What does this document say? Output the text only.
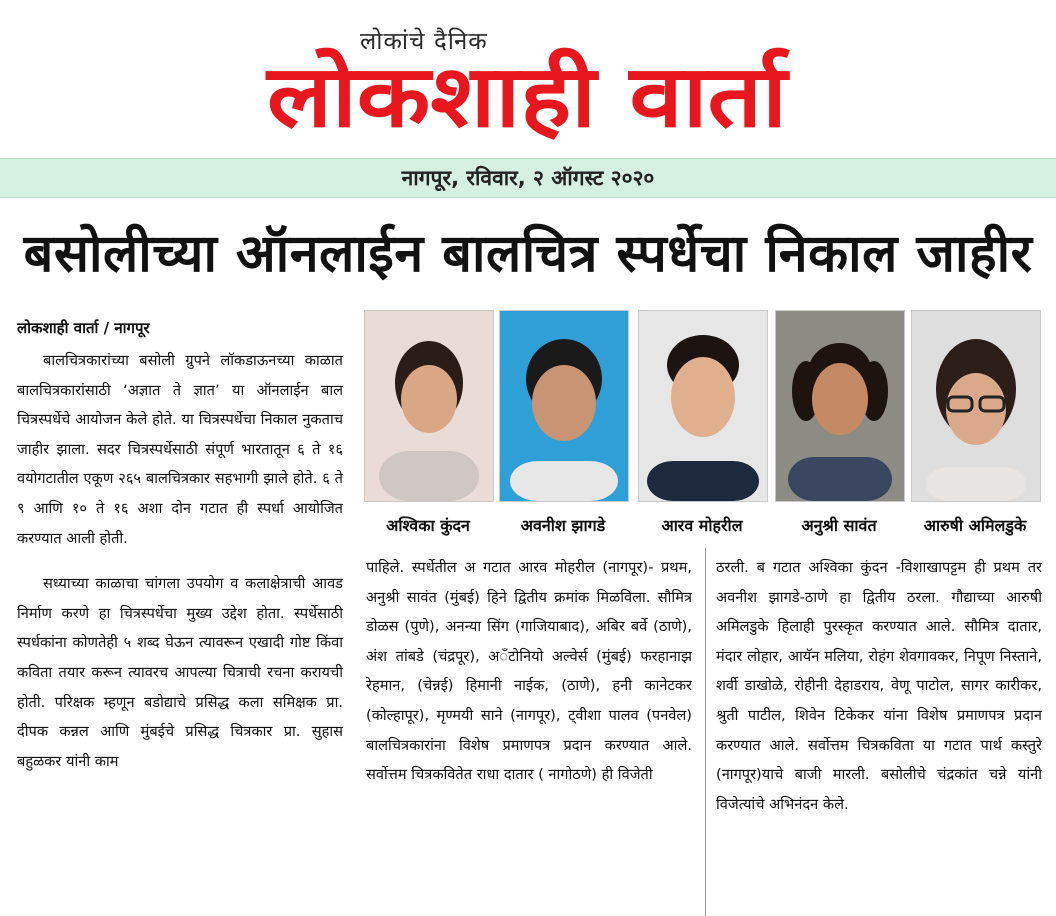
लोकांचे दैनिक
लोकशाही वार्ता
नागपूर, रविवार, २ ऑगस्ट २०२०
बसोलीच्या ऑनलाईन बालचित्र स्पर्धेचा निकाल जाहीर
लोकशाही वार्ता / नागपूर

बालचित्रकारांच्या बसोली ग्रुपने लॉकडाऊनच्या काळात बालचित्रकारांसाठी ‘अज्ञात ते ज्ञात’ या ऑनलाईन बाल चित्रस्पर्धेचे आयोजन केले होते. या चित्रस्पर्धेचा निकाल नुकताच जाहीर झाला. सदर चित्रस्पर्धेसाठी संपूर्ण भारतातून ६ ते १६ वयोगटातील एकूण २६५ बालचित्रकार सहभागी झाले होते. ६ ते ९ आणि १० ते १६ अशा दोन गटात ही स्पर्धा आयोजित करण्यात आली होती.

सध्याच्या काळाचा चांगला उपयोग व कलाक्षेत्राची आवड निर्माण करणे हा चित्रस्पर्धेचा मुख्य उद्देश होता. स्पर्धेसाठी स्पर्धकांना कोणतेही ५ शब्द घेऊन त्यावरून एखादी गोष्ट किंवा कविता तयार करून त्यावरच आपल्या चित्राची रचना करायची होती. परिक्षक म्हणून बडोद्याचे प्रसिद्ध कला समिक्षक प्रा. दीपक कन्नल आणि मुंबईचे प्रसिद्ध चित्रकार प्रा. सुहास बहुळकर यांनी काम

अश्विका कुंदन	अवनीश झागडे	आरव मोहरील	अनुश्री सावंत	आरुषी अमिलडुके

पाहिले. स्पर्धेतील अ गटात आरव मोहरील (नागपूर)- प्रथम, अनुश्री सावंत (मुंबई) हिने द्वितीय क्रमांक मिळविला. सौमित्र डोळस (पुणे), अनन्या सिंग (गाजियाबाद), अबिर बर्वे (ठाणे), अंश तांबडे (चंद्रपूर), अॅंटोनियो अल्वेर्स (मुंबई) फरहानाझ रेहमान, (चेन्नई) हिमानी नाईक, (ठाणे), हनी कानेटकर (कोल्हापूर), मृण्मयी साने (नागपूर), ट्वीशा पालव (पनवेल) बालचित्रकारांना विशेष प्रमाणपत्र प्रदान करण्यात आले. सर्वोत्तम चित्रकवितेत राधा दातार ( नागोठणे) ही विजेती

ठरली. ब गटात अश्विका कुंदन -विशाखापट्टम ही प्रथम तर अवनीश झागडे-ठाणे हा द्वितीय ठरला. गौद्याच्या आरुषी अमिलडुके हिलाही पुरस्कृत करण्यात आले. सौमित्र दातार, मंदार लोहार, आयॅन मलिया, रोहंग शेवगावकर, निपूण निस्ताने, शर्वी डाखोळे, रोहीनी देहाडराय, वेणू पाटोल, सागर कारीकर, श्रुती पाटील, शिवेन टिकेकर यांना विशेष प्रमाणपत्र प्रदान करण्यात आले. सर्वोत्तम चित्रकविता या गटात पार्थ कस्तुरे (नागपूर)याचे बाजी मारली. बसोलीचे चंद्रकांत चन्ने यांनी विजेत्यांचे अभिनंदन केले.
